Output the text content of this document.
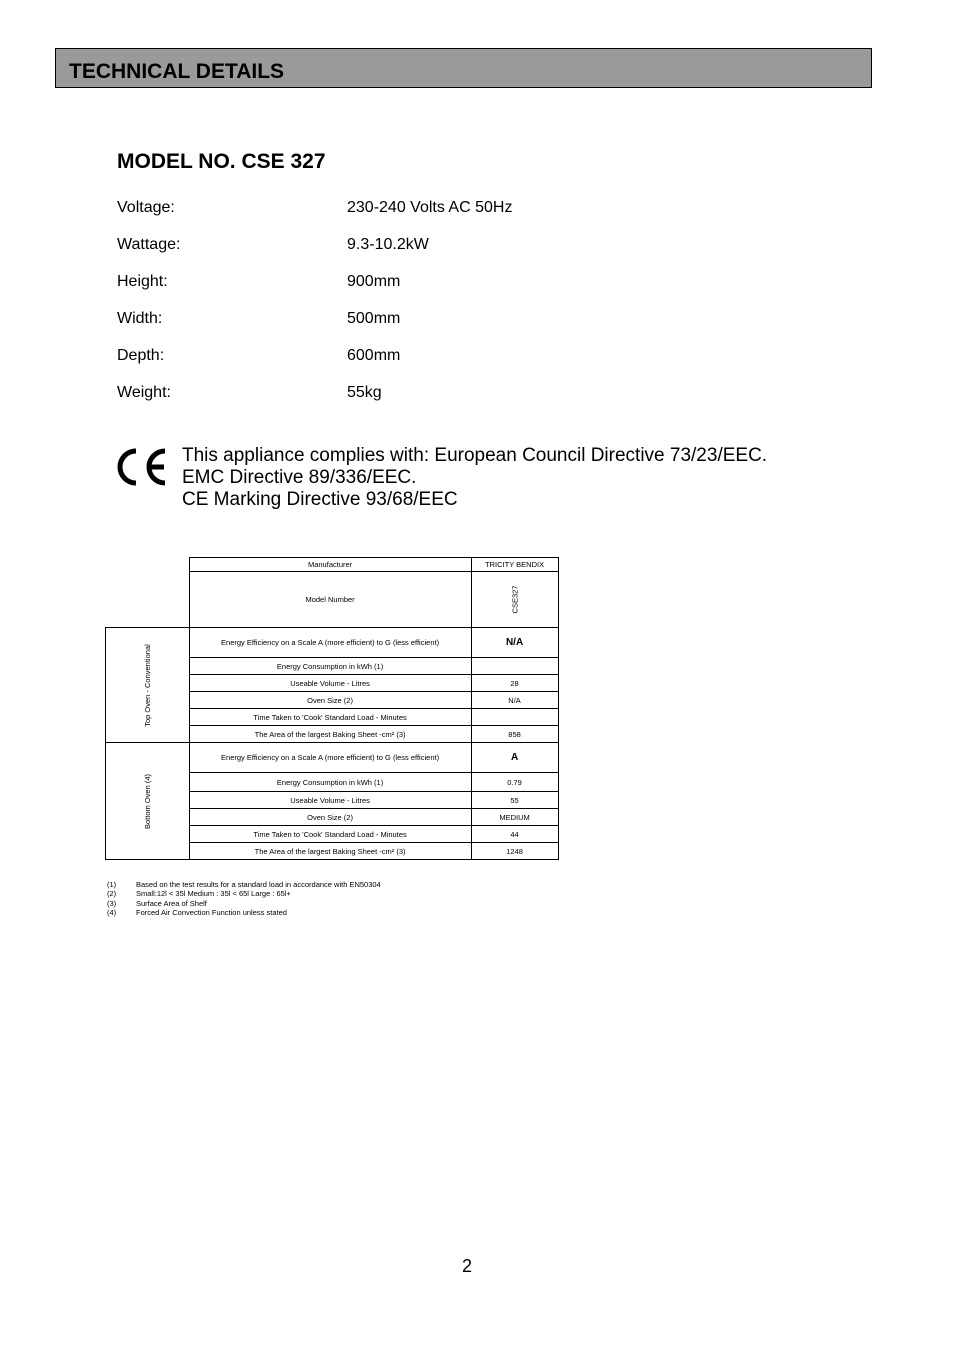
TECHNICAL DETAILS
MODEL NO. CSE 327
Voltage:	230-240 Volts AC 50Hz
Wattage:	9.3-10.2kW
Height:	900mm
Width:	500mm
Depth:	600mm
Weight:	55kg
This appliance complies with: European Council Directive 73/23/EEC.
EMC Directive 89/336/EEC.
CE Marking Directive 93/68/EEC
	Manufacturer	TRICITY BENDIX
	Model Number	CSE327
Top Oven - Conventional	Energy Efficiency on a Scale A (more efficient) to G (less efficient)	N/A
	Energy Consumption in kWh (1)	
	Useable Volume - Litres	28
	Oven Size (2)	N/A
	Time Taken to 'Cook' Standard Load - Minutes	
	The Area of the largest Baking Sheet -cm² (3)	858
Bottom Oven (4)	Energy Efficiency on a Scale A (more efficient) to G (less efficient)	A
	Energy Consumption in kWh (1)	0.79
	Useable Volume - Litres	55
	Oven Size (2)	MEDIUM
	Time Taken to 'Cook' Standard Load - Minutes	44
	The Area of the largest Baking Sheet -cm² (3)	1248
(1)	Based on the test results for a standard load in accordance with EN50304
(2)	Small:12l < 35l Medium : 35l < 65l Large : 65l+
(3)	Surface Area of Shelf
(4)	Forced Air Convection Function unless stated
2
